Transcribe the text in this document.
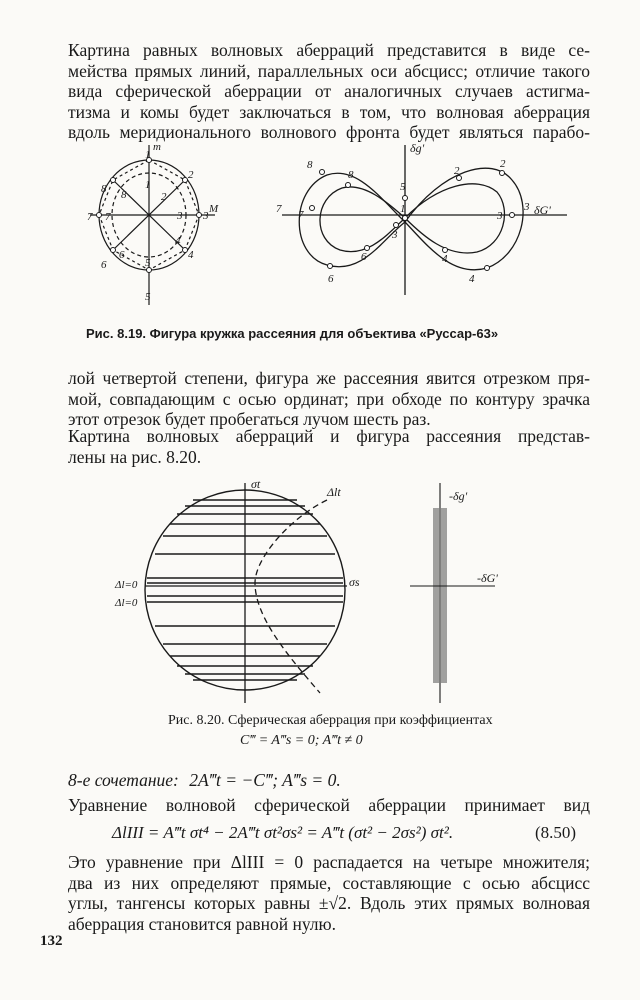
Картина равных волновых аберраций представится в виде се-
мейства прямых линий, параллельных оси абсцисс; отличие такого
вида сферической аберрации от аналогичных случаев астигма-
тизма и комы будет заключаться в том, что волновая аберрация
вдоль меридионального волнового фронта будет являться парабо-

m
M
1
1
2
2
3
3
4
4
5
5
6
6
7 7
8 8
δg'
δG'
5
1
2
2
3
3
4
4
6
6
7 7
8
8
3

Рис. 8.19. Фигура кружка рассеяния для объектива «Руссар-63»

лой четвертой степени, фигура же рассеяния явится отрезком пря-
мой, совпадающим с осью ординат; при обходе по контуру зрачка
этот отрезок будет пробегаться лучом шесть раз.

Картина волновых аберраций и фигура рассеяния представ-
лены на рис. 8.20.

σt
σs
Δlt
Δl=0
Δl=0
-δg'
-δG'

Рис. 8.20. Сферическая аберрация при коэффициентах

C‴ = A‴s = 0; A‴t ≠ 0

8-е сочетание: 2A‴t = −C‴; A‴s = 0.

Уравнение волновой сферической аберрации принимает вид

ΔlIII = A‴t σt⁴ − 2A‴t σt²σs² = A‴t (σt² − 2σs²) σt².	(8.50)

Это уравнение при ΔlIII = 0 распадается на четыре множителя;
два из них определяют прямые, составляющие с осью абсцисс
углы, тангенсы которых равны ±√2. Вдоль этих прямых волновая
аберрация становится равной нулю.

132
